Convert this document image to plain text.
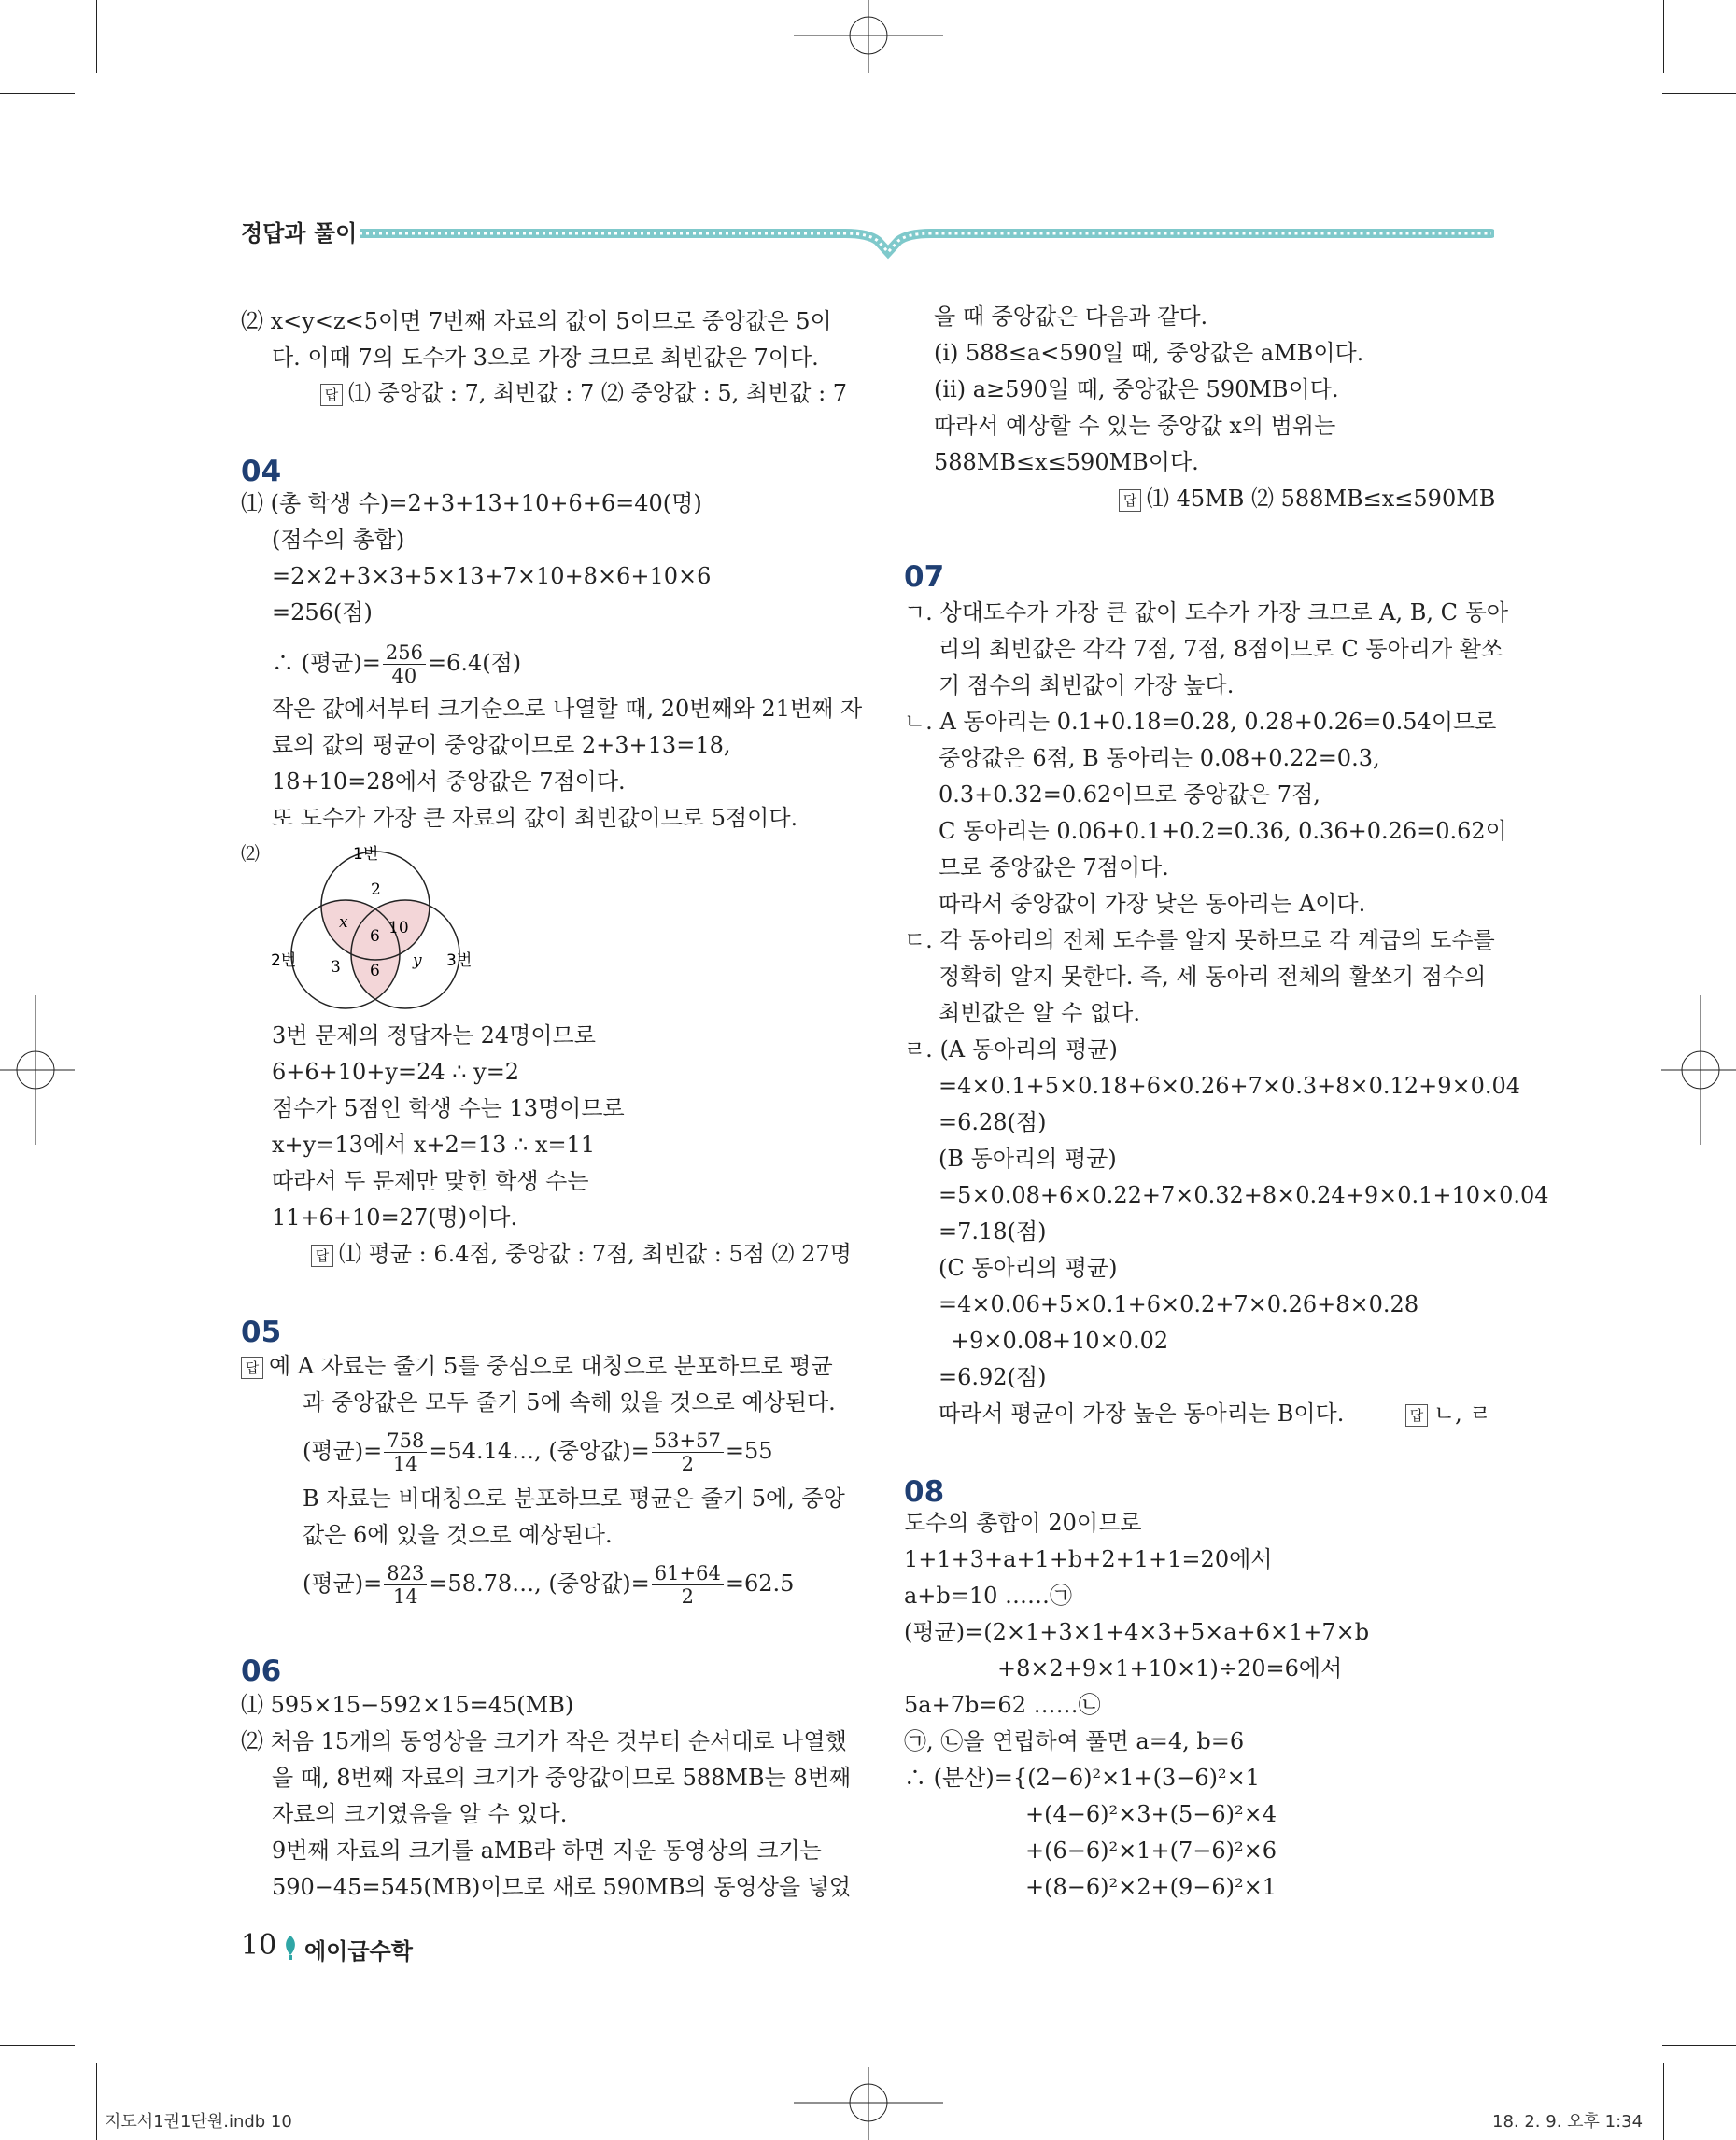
정답과 풀이
⑵ x<y<z<5이면 7번째 자료의 값이 5이므로 중앙값은 5이
다. 이때 7의 도수가 3으로 가장 크므로 최빈값은 7이다.
답 ⑴ 중앙값 : 7, 최빈값 : 7 ⑵ 중앙값 : 5, 최빈값 : 7
04
⑴ (총 학생 수)=2+3+13+10+6+6=40(명)
(점수의 총합)
=2×2+3×3+5×13+7×10+8×6+10×6
=256(점)
∴ (평균)= $\frac{256}{40} =6.4$(점)
작은 값에서부터 크기순으로 나열할 때, 20번째와 21번째 자
료의 값의 평균이 중앙값이므로 2+3+13=18,
18+10=28에서 중앙값은 7점이다.
또 도수가 가장 큰 자료의 값이 최빈값이므로 5점이다.
⑵	1번
2번	3번
2
x	10
6
3 6
y
3번 문제의 정답자는 24명이므로
6+6+10+y=24 ∴ y=2
점수가 5점인 학생 수는 13명이므로
x+y=13에서 x+2=13 ∴ x=11
따라서 두 문제만 맞힌 학생 수는
11+6+10=27(명)이다.
답 ⑴ 평균 : 6.4점, 중앙값 : 7점, 최빈값 : 5점 ⑵ 27명
05
답 예 A 자료는 줄기 5를 중심으로 대칭으로 분포하므로 평균
과 중앙값은 모두 줄기 5에 속해 있을 것으로 예상된다.
(평균)= $\frac{758}{14}$ =54.14…, (중앙값)= $\frac{53+57}{2} =55$
B 자료는 비대칭으로 분포하므로 평균은 줄기 5에, 중앙
값은 6에 있을 것으로 예상된다.
(평균)= $\frac{823}{14}$ =58.78…, (중앙값)= $\frac{61+64}{2} =62.5$
06
⑴ 595×15−592×15=45(MB)
⑵ 처음 15개의 동영상을 크기가 작은 것부터 순서대로 나열했
을 때, 8번째 자료의 크기가 중앙값이므로 588MB는 8번째
자료의 크기였음을 알 수 있다.
9번째 자료의 크기를 aMB라 하면 지운 동영상의 크기는
590−45=545(MB)이므로 새로 590MB의 동영상을 넣었
을 때 중앙값은 다음과 같다.
(ⅰ) 588≤a<590일 때, 중앙값은 aMB이다.
(ⅱ) a≥590일 때, 중앙값은 590MB이다.
따라서 예상할 수 있는 중앙값 x의 범위는
588MB≤x≤590MB이다.
답 ⑴ 45MB ⑵ 588MB≤x≤590MB
07
ㄱ. 상대도수가 가장 큰 값이 도수가 가장 크므로 A, B, C 동아
리의 최빈값은 각각 7점, 7점, 8점이므로 C 동아리가 활쏘
기 점수의 최빈값이 가장 높다.
ㄴ. A 동아리는 0.1+0.18=0.28, 0.28+0.26=0.54이므로
중앙값은 6점, B 동아리는 0.08+0.22=0.3,
0.3+0.32=0.62이므로 중앙값은 7점,
C 동아리는 0.06+0.1+0.2=0.36, 0.36+0.26=0.62이
므로 중앙값은 7점이다.
따라서 중앙값이 가장 낮은 동아리는 A이다.
ㄷ. 각 동아리의 전체 도수를 알지 못하므로 각 계급의 도수를
정확히 알지 못한다. 즉, 세 동아리 전체의 활쏘기 점수의
최빈값은 알 수 없다.
ㄹ. (A 동아리의 평균)
=4×0.1+5×0.18+6×0.26+7×0.3+8×0.12+9×0.04
=6.28(점)
(B 동아리의 평균)
=5×0.08+6×0.22+7×0.32+8×0.24+9×0.1+10×0.04
=7.18(점)
(C 동아리의 평균)
=4×0.06+5×0.1+6×0.2+7×0.26+8×0.28
+9×0.08+10×0.02
=6.92(점)
따라서 평균이 가장 높은 동아리는 B이다.	답 ㄴ, ㄹ
08
도수의 총합이 20이므로
1+1+3+a+1+b+2+1+1=20에서
a+b=10 ……㉠
(평균)=(2×1+3×1+4×3+5×a+6×1+7×b
+8×2+9×1+10×1)÷20=6에서
5a+7b=62 ……㉡
㉠, ㉡을 연립하여 풀면 a=4, b=6
∴ (분산)={(2−6)²×1+(3−6)²×1
+(4−6)²×3+(5−6)²×4
+(6−6)²×1+(7−6)²×6
+(8−6)²×2+(9−6)²×1
10 에이급수학
지도서1권1단원.indb 10	18. 2. 9. 오후 1:34
